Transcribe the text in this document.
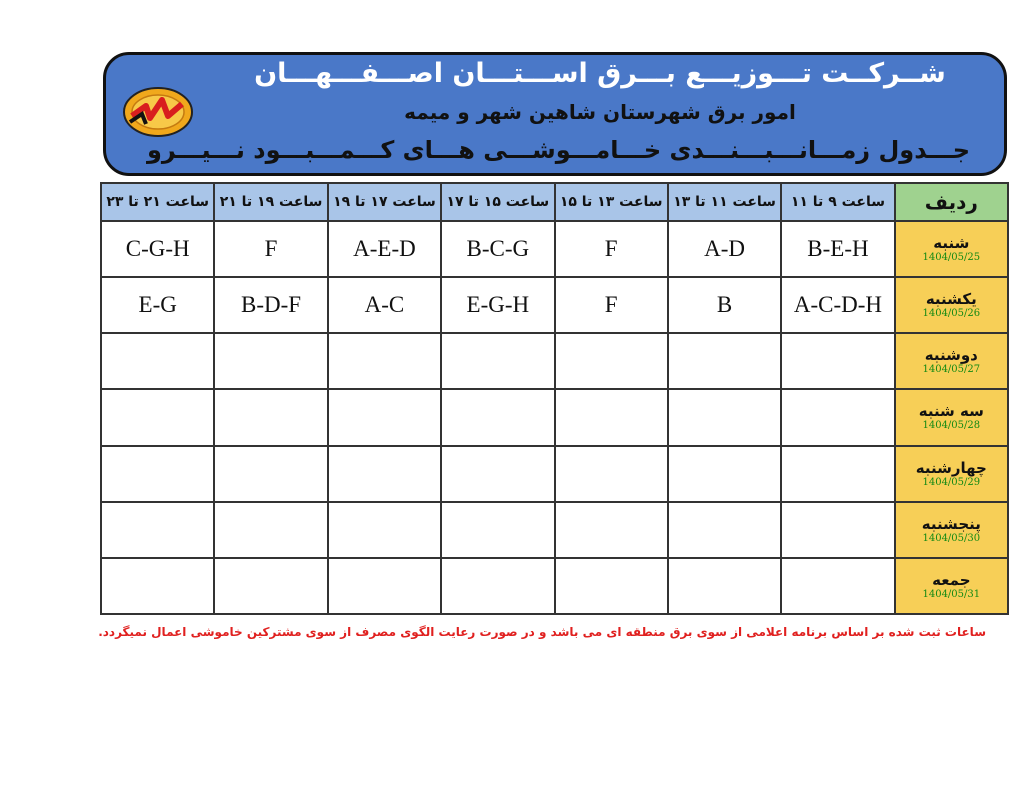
شــرکــت تـــوزیـــع بـــرق اســـتـــان اصـــفـــهـــان
امور برق شهرستان شاهین شهر و میمه
جـــدول زمـــانـــبـــنـــدی خـــامـــوشـــی هـــای کـــمـــبـــود نـــیـــرو
ردیف	ساعت ۹ تا ۱۱	ساعت ۱۱ تا ۱۳	ساعت ۱۳ تا ۱۵	ساعت ۱۵ تا ۱۷	ساعت ۱۷ تا ۱۹	ساعت ۱۹ تا ۲۱	ساعت ۲۱ تا ۲۳

شنبه
1404/05/25	B-E-H	A-D	F	B-C-G	A-E-D	F	C-G-H

یکشنبه
1404/05/26	A-C-D-H	B	F	E-G-H	A-C	B-D-F	E-G

دوشنبه
1404/05/27							

سه شنبه
1404/05/28							

چهارشنبه
1404/05/29							

پنجشنبه
1404/05/30							

جمعه
1404/05/31							

ساعات ثبت شده بر اساس برنامه اعلامی از سوی برق منطقه ای می باشد و در صورت رعایت الگوی مصرف از سوی مشترکین خاموشی اعمال نمیگردد.
